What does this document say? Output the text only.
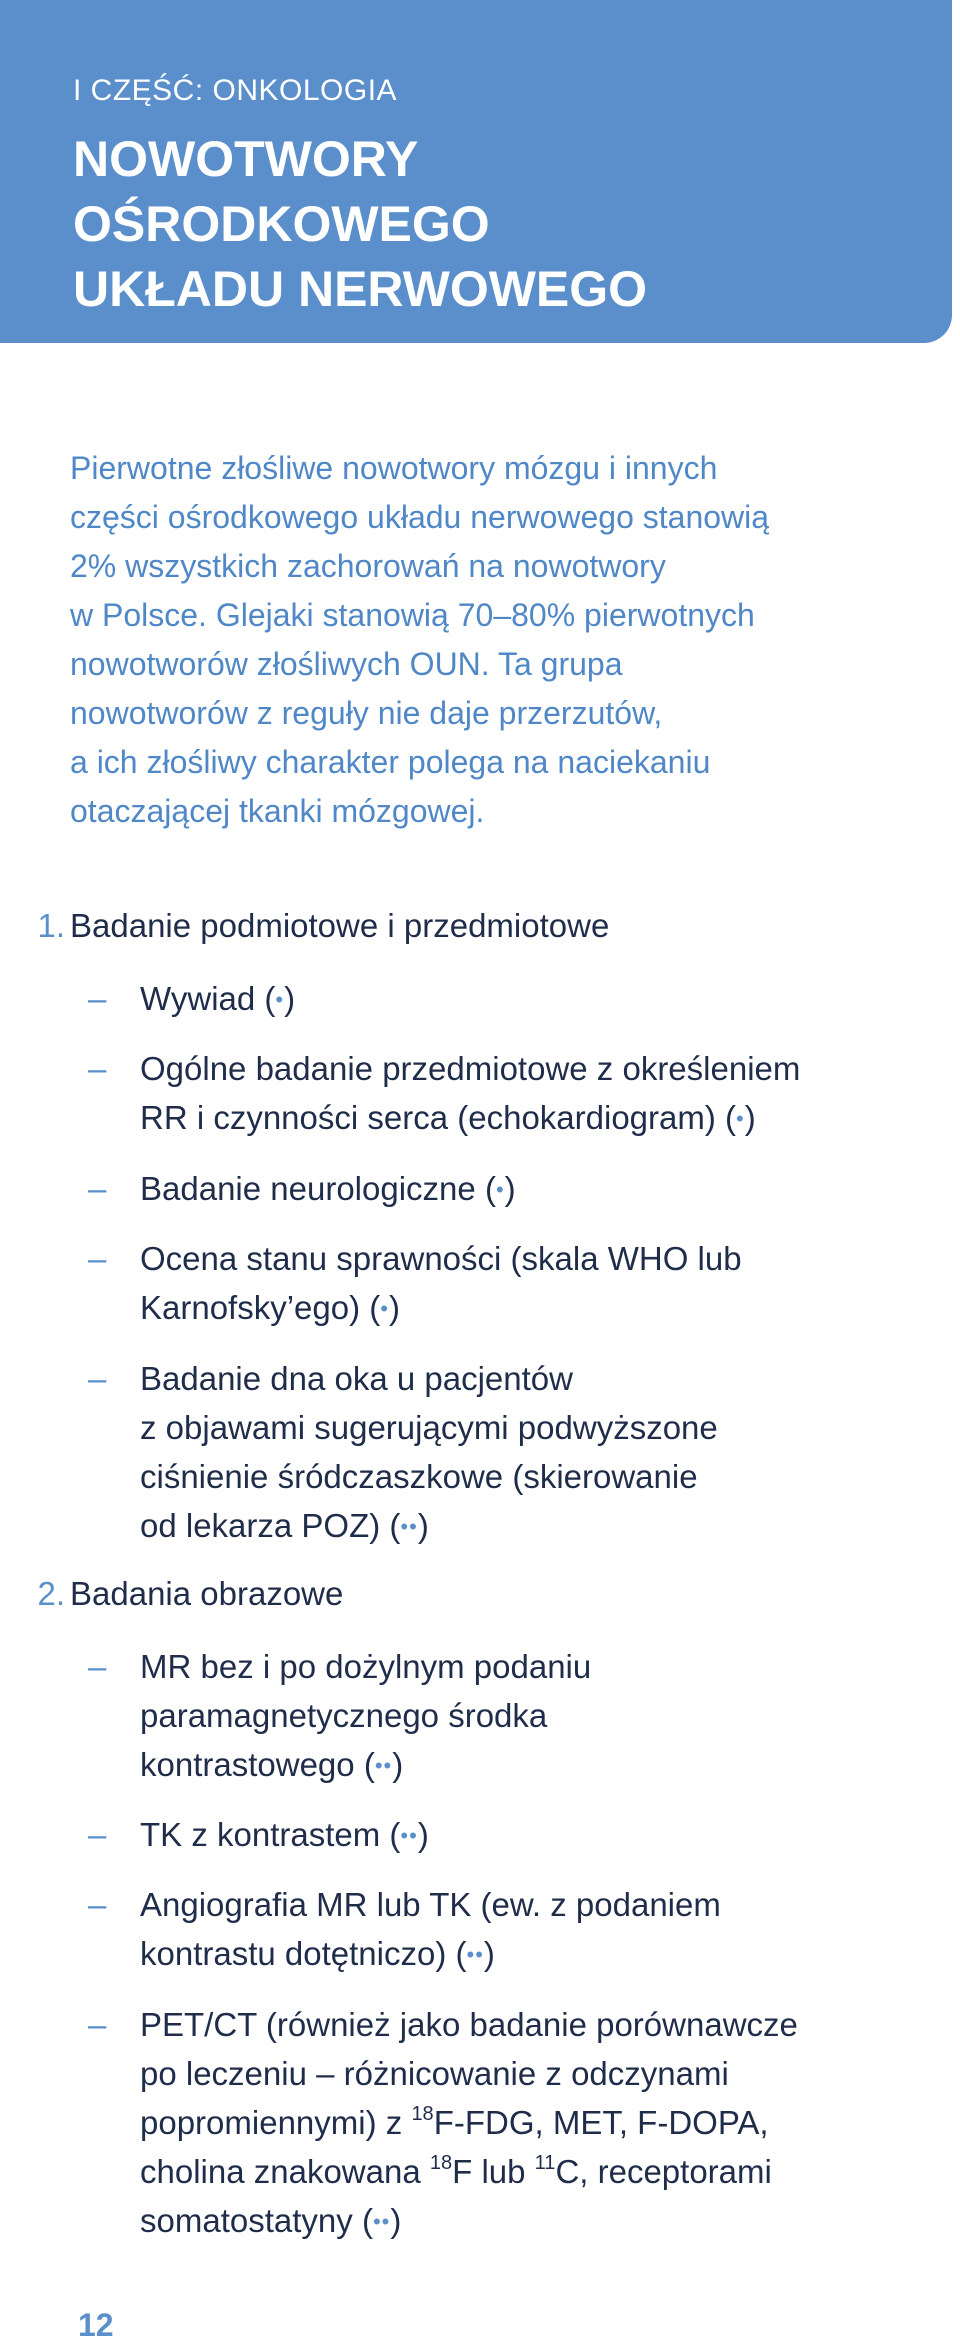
I CZĘŚĆ: ONKOLOGIA
NOWOTWORY
OŚRODKOWEGO
UKŁADU NERWOWEGO

Pierwotne złośliwe nowotwory mózgu i innych
części ośrodkowego układu nerwowego stanowią
2% wszystkich zachorowań na nowotwory
w Polsce. Glejaki stanowią 70–80% pierwotnych
nowotworów złośliwych OUN. Ta grupa
nowotworów z reguły nie daje przerzutów,
a ich złośliwy charakter polega na naciekaniu
otaczającej tkanki mózgowej.

1. Badanie podmiotowe i przedmiotowe
– Wywiad (•)
– Ogólne badanie przedmiotowe z określeniem
RR i czynności serca (echokardiogram) (•)
– Badanie neurologiczne (•)
– Ocena stanu sprawności (skala WHO lub
Karnofsky’ego) (•)
– Badanie dna oka u pacjentów
z objawami sugerującymi podwyższone
ciśnienie śródczaszkowe (skierowanie
od lekarza POZ) (••)
2. Badania obrazowe
– MR bez i po dożylnym podaniu
paramagnetycznego środka
kontrastowego (••)
– TK z kontrastem (••)
– Angiografia MR lub TK (ew. z podaniem
kontrastu dotętniczo) (••)
– PET/CT (również jako badanie porównawcze
po leczeniu – różnicowanie z odczynami
popromiennymi) z $^{18}$F-FDG, MET, F-DOPA,
cholina znakowana $^{18}$F lub $^{11}$C, receptorami
somatostatyny (••)
12
